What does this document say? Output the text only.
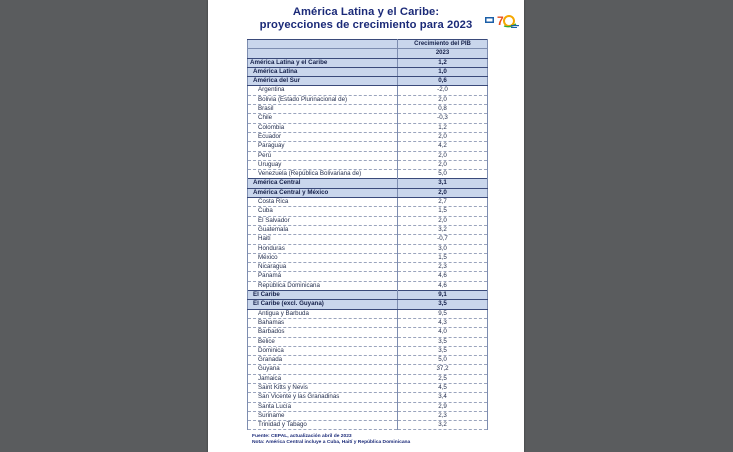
América Latina y el Caribe:
proyecciones de crecimiento para 2023	7
	Crecimiento del PIB
	2023
América Latina y el Caribe	1,2
América Latina	1,0
América del Sur	0,6
Argentina	-2,0
Bolivia (Estado Plurinacional de)	2,0
Brasil	0,8
Chile	-0,3
Colombia	1,2
Ecuador	2,0
Paraguay	4,2
Perú	2,0
Uruguay	2,0
Venezuela (República Bolivariana de)	5,0
América Central	3,1
América Central y México	2,0
Costa Rica	2,7
Cuba	1,5
El Salvador	2,0
Guatemala	3,2
Haití	-0,7
Honduras	3,0
México	1,5
Nicaragua	2,3
Panamá	4,6
República Dominicana	4,6
El Caribe	9,1
El Caribe (excl. Guyana)	3,5
Antigua y Barbuda	9,5
Bahamas	4,3
Barbados	4,0
Belice	3,5
Dominica	3,5
Granada	5,0
Guyana	37,2
Jamaica	2,5
Saint Kitts y Nevis	4,5
San Vicente y las Granadinas	3,4
Santa Lucía	2,9
Suriname	2,3
Trinidad y Tabago	3,2
Fuente: CEPAL, actualización abril de 2023
Nota: América Central incluye a Cuba, Haití y República Dominicana
